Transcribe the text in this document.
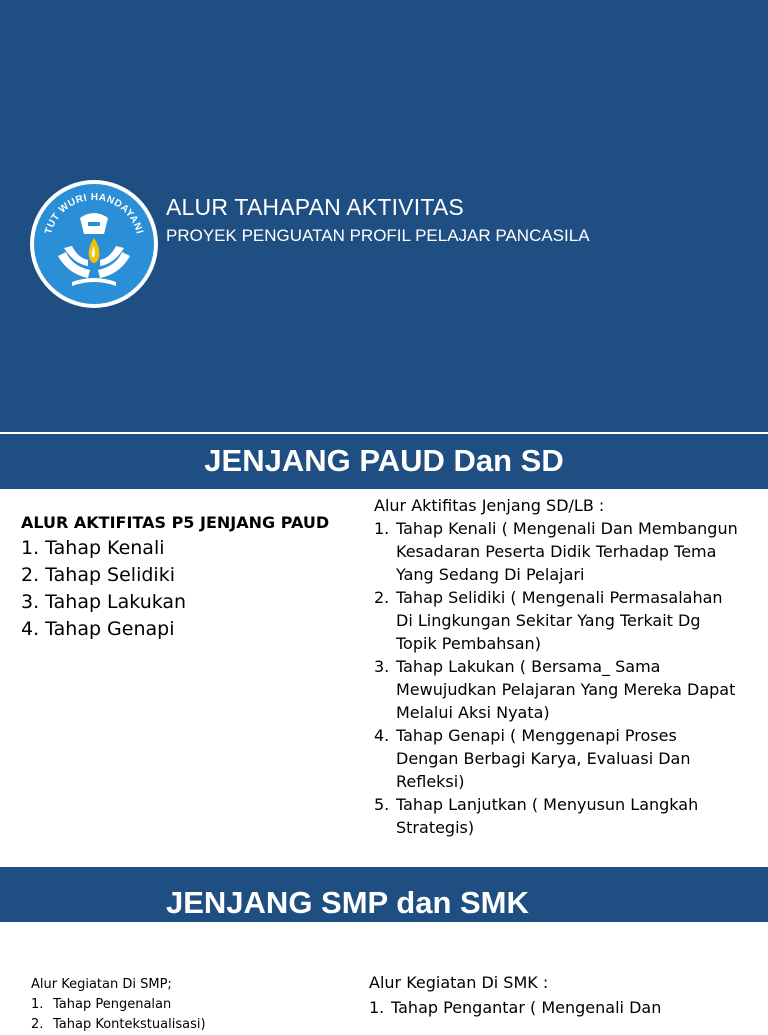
TUT WURI HANDAYANI
ALUR TAHAPAN AKTIVITAS
PROYEK PENGUATAN PROFIL PELAJAR PANCASILA
JENJANG PAUD Dan SD

ALUR AKTIFITAS P5 JENJANG PAUD

1. Tahap Kenali
2. Tahap Selidiki
3. Tahap Lakukan
4. Tahap Genapi
Alur Aktifitas Jenjang SD/LB :
1. Tahap Kenali ( Mengenali Dan Membangun Kesadaran Peserta Didik Terhadap Tema Yang Sedang Di Pelajari
2. Tahap Selidiki ( Mengenali Permasalahan Di Lingkungan Sekitar Yang Terkait Dg Topik Pembahsan)
3. Tahap Lakukan ( Bersama_ Sama Mewujudkan Pelajaran Yang Mereka Dapat Melalui Aksi Nyata)
4. Tahap Genapi ( Menggenapi Proses Dengan Berbagi Karya, Evaluasi Dan Refleksi)
5. Tahap Lanjutkan ( Menyusun Langkah Strategis)
JENJANG SMP dan SMK
Alur Kegiatan Di SMP;
1. Tahap Pengenalan
2. Tahap Kontekstualisasi)
Alur Kegiatan Di SMK :
1. Tahap Pengantar ( Mengenali Dan
